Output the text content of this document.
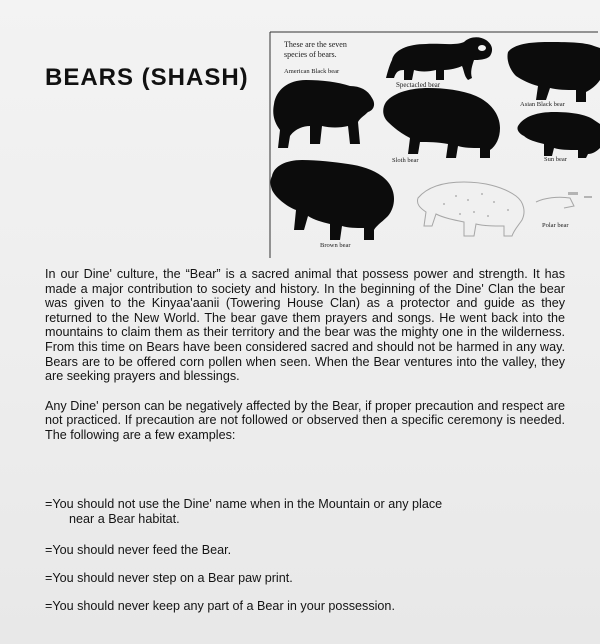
BEARS (SHASH)
These are the seven
species of bears.
Spectacled bear
Asian Black bear
American Black bear
Sloth bear	Sun bear
Brown bear
Polar bear

In our Dine' culture, the “Bear” is a sacred animal that possess power and strength. It has made a major contribution to society and history. In the beginning of the Dine' Clan the bear was given to the Kinyaa'aanii (Towering House Clan) as a protector and guide as they returned to the New World. The bear gave them prayers and songs. He went back into the mountains to claim them as their territory and the bear was the mighty one in the wilderness. From this time on Bears have been considered sacred and should not be harmed in any way. Bears are to be offered corn pollen when seen. When the Bear ventures into the valley, they are seeking prayers and blessings.

Any Dine' person can be negatively affected by the Bear, if proper precaution and respect are not practiced. If precaution are not followed or observed then a specific ceremony is needed. The following are a few examples:

=You should not use the Dine' name when in the Mountain or any place
near a Bear habitat.

=You should never feed the Bear.

=You should never step on a Bear paw print.

=You should never keep any part of a Bear in your possession.
